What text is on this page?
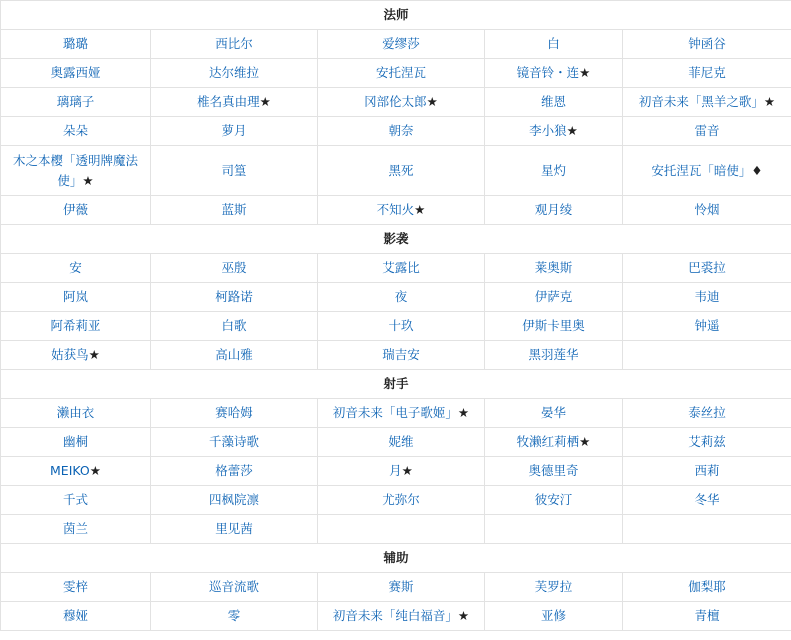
法师				
璐璐	西比尔	爱缪莎	白	钟函谷
奥露西娅	达尔维拉	安托涅瓦	镜音铃・连★	菲尼克
璃璃子	椎名真由理★	冈部伦太郎★	维恩	初音未来「黑羊之歌」★
朵朵	萝月	朝奈	李小狼★	雷音
木之本樱「透明牌魔法使」★	司篁	黑死	星灼	安托涅瓦「暗使」♦
伊薇	蓝斯	不知火★	观月绫	怜烟
影袭				
安	巫殷	艾露比	莱奥斯	巴裘拉
阿岚	柯路诺	夜	伊萨克	韦迪
阿希莉亚	白歌	十玖	伊斯卡里奥	钟遥
姑获鸟★	高山雅	瑞吉安	黑羽莲华	
射手				
濑由衣	赛哈姆	初音未来「电子歌姬」★	晏华	泰丝拉
幽桐	千藻诗歌	妮维	牧濑红莉栖★	艾莉兹
MEIKO★	格蕾莎	月★	奥德里奇	西莉
千式	四枫院凛	尤弥尔	彼安汀	冬华
茵兰	里见茜			
辅助				
雯梓	巡音流歌	赛斯	芙罗拉	伽梨耶
穆娅	零	初音未来「纯白福音」★	亚修	青檀
